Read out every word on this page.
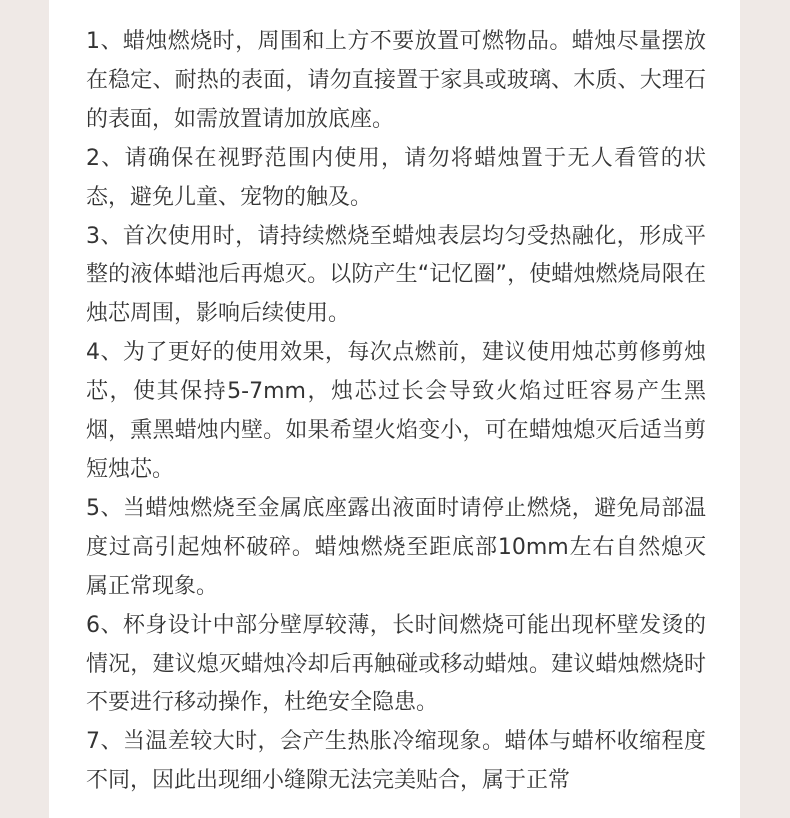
1、蜡烛燃烧时，周围和上方不要放置可燃物品。蜡烛尽量摆放在稳定、耐热的表面，请勿直接置于家具或玻璃、木质、大理石的表面，如需放置请加放底座。
2、请确保在视野范围内使用，请勿将蜡烛置于无人看管的状态，避免儿童、宠物的触及。
3、首次使用时，请持续燃烧至蜡烛表层均匀受热融化，形成平整的液体蜡池后再熄灭。以防产生“记忆圈”，使蜡烛燃烧局限在烛芯周围，影响后续使用。
4、为了更好的使用效果，每次点燃前，建议使用烛芯剪修剪烛芯，使其保持5-7mm，烛芯过长会导致火焰过旺容易产生黑烟，熏黑蜡烛内壁。如果希望火焰变小，可在蜡烛熄灭后适当剪短烛芯。
5、当蜡烛燃烧至金属底座露出液面时请停止燃烧，避免局部温度过高引起烛杯破碎。蜡烛燃烧至距底部10mm左右自然熄灭属正常现象。
6、杯身设计中部分壁厚较薄，长时间燃烧可能出现杯壁发烫的情况，建议熄灭蜡烛冷却后再触碰或移动蜡烛。建议蜡烛燃烧时不要进行移动操作，杜绝安全隐患。
7、当温差较大时，会产生热胀冷缩现象。蜡体与蜡杯收缩程度不同，因此出现细小缝隙无法完美贴合，属于正常
